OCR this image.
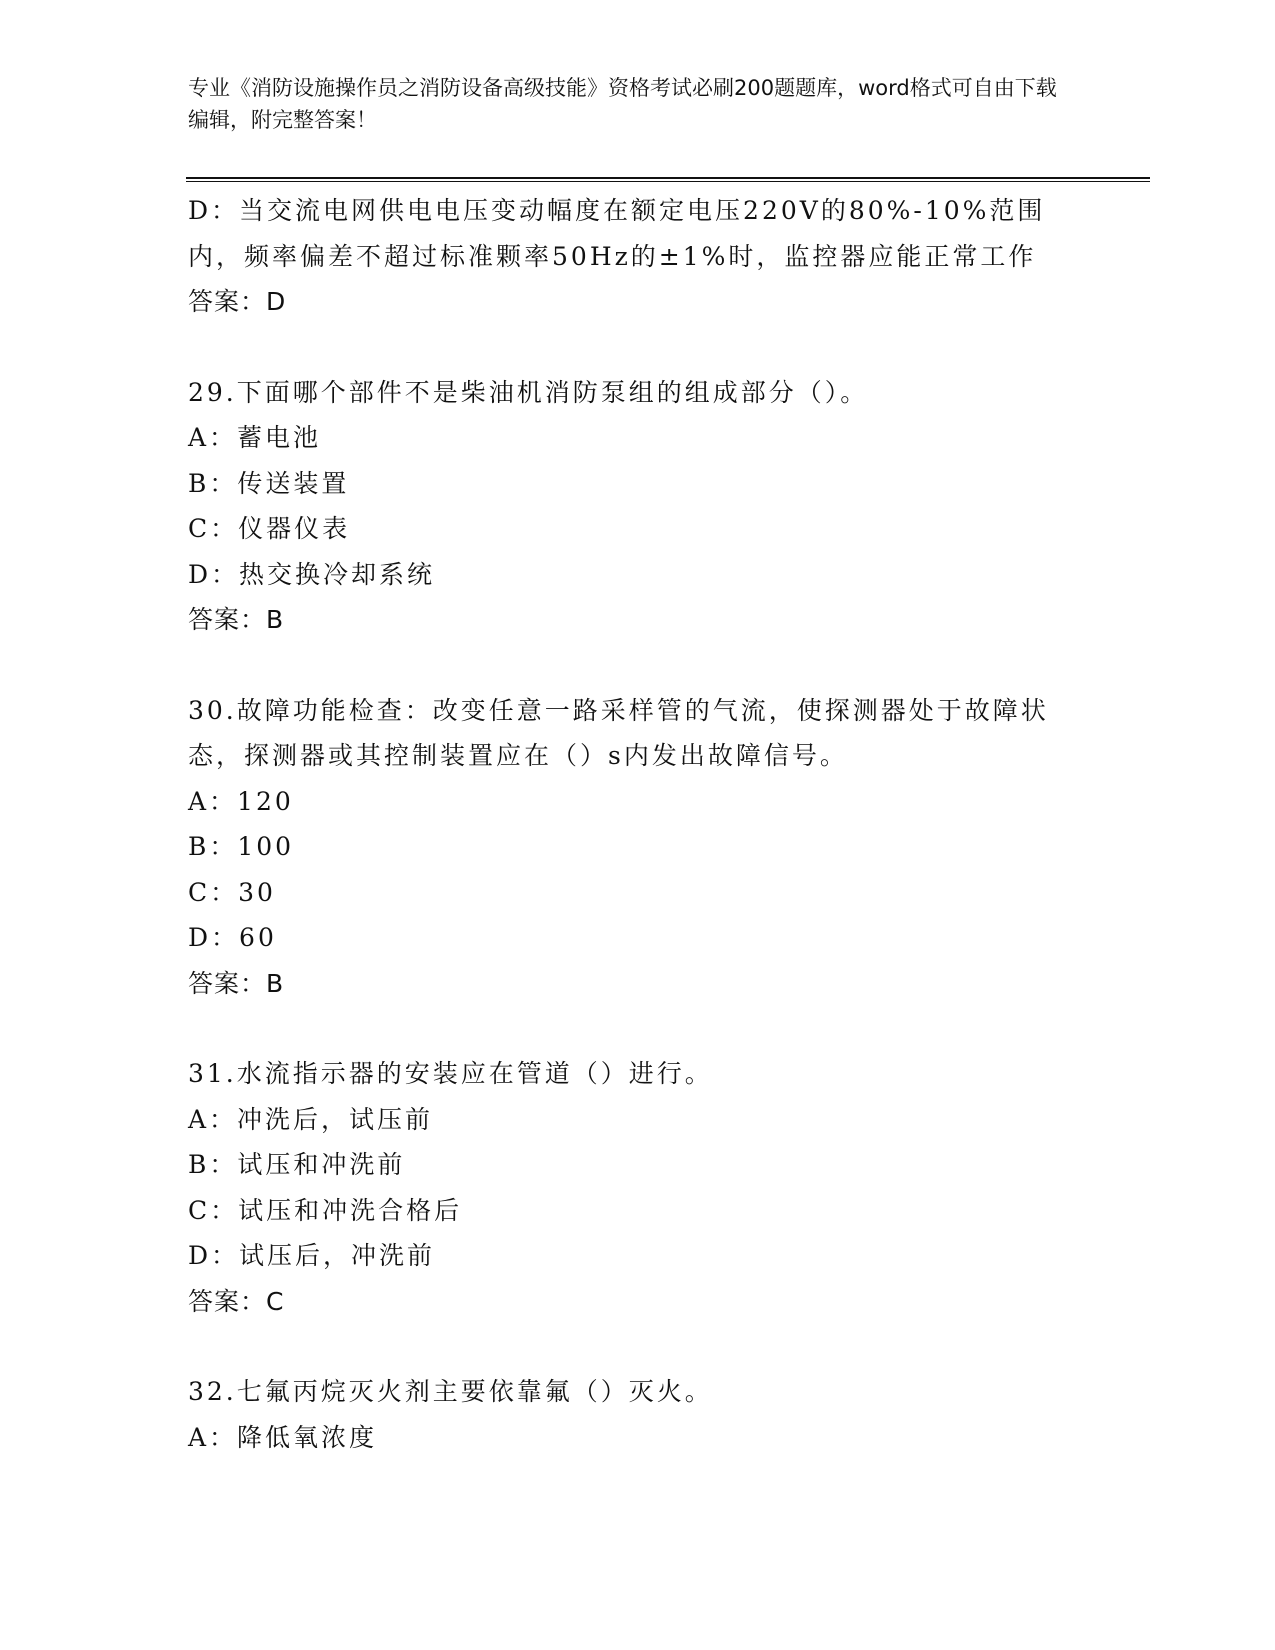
专业《消防设施操作员之消防设备高级技能》资格考试必刷200题题库，word格式可自由下载编辑，附完整答案！
D：当交流电网供电电压变动幅度在额定电压220V的80%-10%范围内，频率偏差不超过标准颗率50Hz的±1%时，监控器应能正常工作
答案：D
29.下面哪个部件不是柴油机消防泵组的组成部分（）。
A：蓄电池
B：传送装置
C：仪器仪表
D：热交换冷却系统
答案：B
30.故障功能检查：改变任意一路采样管的气流，使探测器处于故障状态，探测器或其控制装置应在（）s内发出故障信号。
A：120
B：100
C：30
D：60
答案：B
31.水流指示器的安装应在管道（）进行。
A：冲洗后，试压前
B：试压和冲洗前
C：试压和冲洗合格后
D：试压后，冲洗前
答案：C
32.七氟丙烷灭火剂主要依靠氟（）灭火。
A：降低氧浓度
